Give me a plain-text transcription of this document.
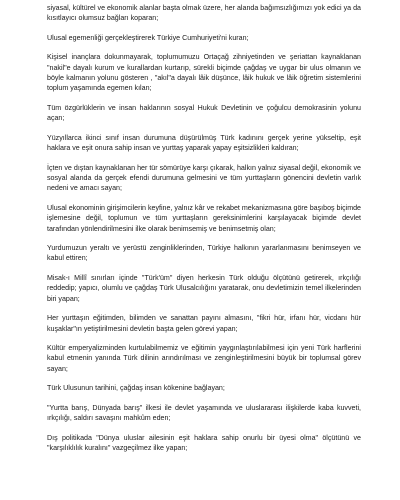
siyasal, kültürel ve ekonomik alanlar başta olmak üzere, her alanda bağımsızlığımızı yok edici ya da kısıtlayıcı olumsuz bağları koparan;

Ulusal egemenliği gerçekleştirerek Türkiye Cumhuriyeti'ni kuran;

Kişisel inançlara dokunmayarak, toplumumuzu Ortaçağ zihniyetinden ve şeriattan kaynaklanan "nakil"e dayalı kurum ve kurallardan kurtarıp, sürekli biçimde çağdaş ve uygar bir ulus olmanın ve böyle kalmanın yolunu gösteren , "akıl"a dayalı lâik düşünce, lâik hukuk ve lâik öğretim sistemlerini toplum yaşamında egemen kılan;

Tüm özgürlüklerin ve insan haklarının sosyal Hukuk Devletinin ve çoğulcu demokrasinin yolunu açan;

Yüzyıllarca ikinci sınıf insan durumuna düşürülmüş Türk kadınını gerçek yerine yükseltip, eşit haklara ve eşit onura sahip insan ve yurttaş yaparak yapay eşitsizlikleri kaldıran;

İçten ve dıştan kaynaklanan her tür sömürüye karşı çıkarak, halkın yalnız siyasal değil, ekonomik ve sosyal alanda da gerçek efendi durumuna gelmesini ve tüm yurttaşların gönencini devletin varlık nedeni ve amacı sayan;

Ulusal ekonominin girişimcilerin keyfine, yalnız kâr ve rekabet mekanizmasına göre başıboş biçimde işlemesine değil, toplumun ve tüm yurttaşların gereksinimlerini karşılayacak biçimde devlet tarafından yönlendirilmesini ilke olarak benimsemiş ve benimsetmiş olan;

Yurdumuzun yeraltı ve yerüstü zenginliklerinden, Türkiye halkının yararlanmasını benimseyen ve kabul ettiren;

Misak-ı Millî sınırları içinde "Türk'üm" diyen herkesin Türk olduğu ölçütünü getirerek, ırkçılığı reddedip; yapıcı, olumlu ve çağdaş Türk Ulusalcılığını yaratarak, onu devletimizin temel ilkelerinden biri yapan;

Her yurttaşın eğitimden, bilimden ve sanattan payını almasını, "fikri hür, irfanı hür, vicdanı hür kuşaklar"ın yetiştirilmesini devletin başta gelen görevi yapan;

Kültür emperyalizminden kurtulabilmemiz ve eğitimin yaygınlaştırılabilmesi için yeni Türk harflerini kabul etmenin yanında Türk dilinin arındırılması ve zenginleştirilmesini büyük bir toplumsal görev sayan;

Türk Ulusunun tarihini, çağdaş insan kökenine bağlayan;

"Yurtta barış, Dünyada barış" ilkesi ile devlet yaşamında ve uluslararası ilişkilerde kaba kuvveti, ırkçılığı, saldırı savaşını mahkûm eden;

Dış politikada "Dünya uluslar ailesinin eşit haklara sahip onurlu bir üyesi olma" ölçütünü ve "karşılıklılık kuralını" vazgeçilmez ilke yapan;
